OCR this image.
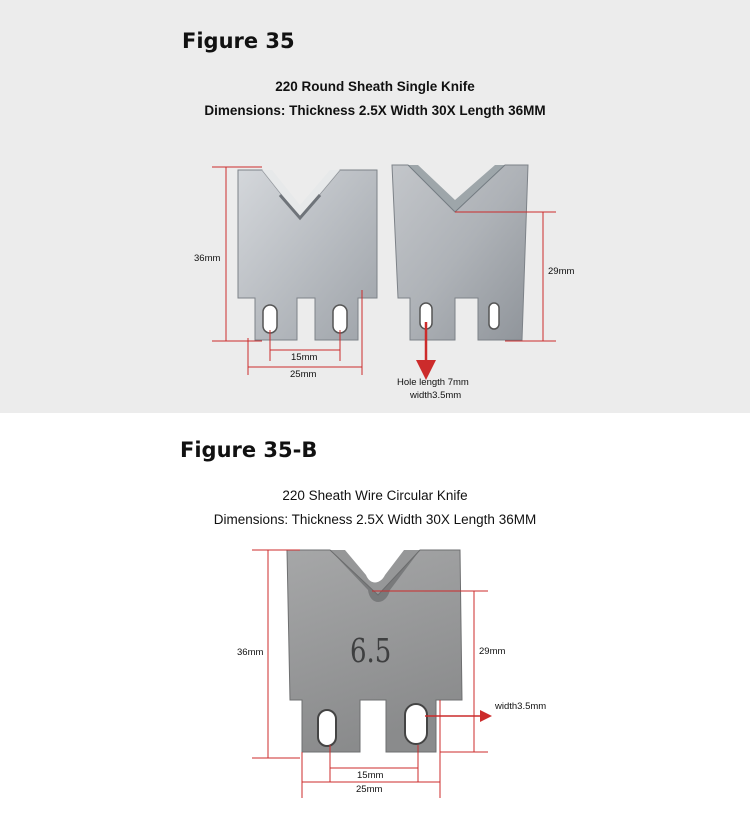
Figure 35
220 Round Sheath Single Knife
Dimensions: Thickness 2.5X Width 30X Length 36MM
36mm
29mm
15mm
25mm
Hole length 7mm
width3.5mm
Figure 35-B
220 Sheath Wire Circular Knife
Dimensions: Thickness 2.5X Width 30X Length 36MM
6.5
36mm	29mm
width3.5mm
15mm
25mm
